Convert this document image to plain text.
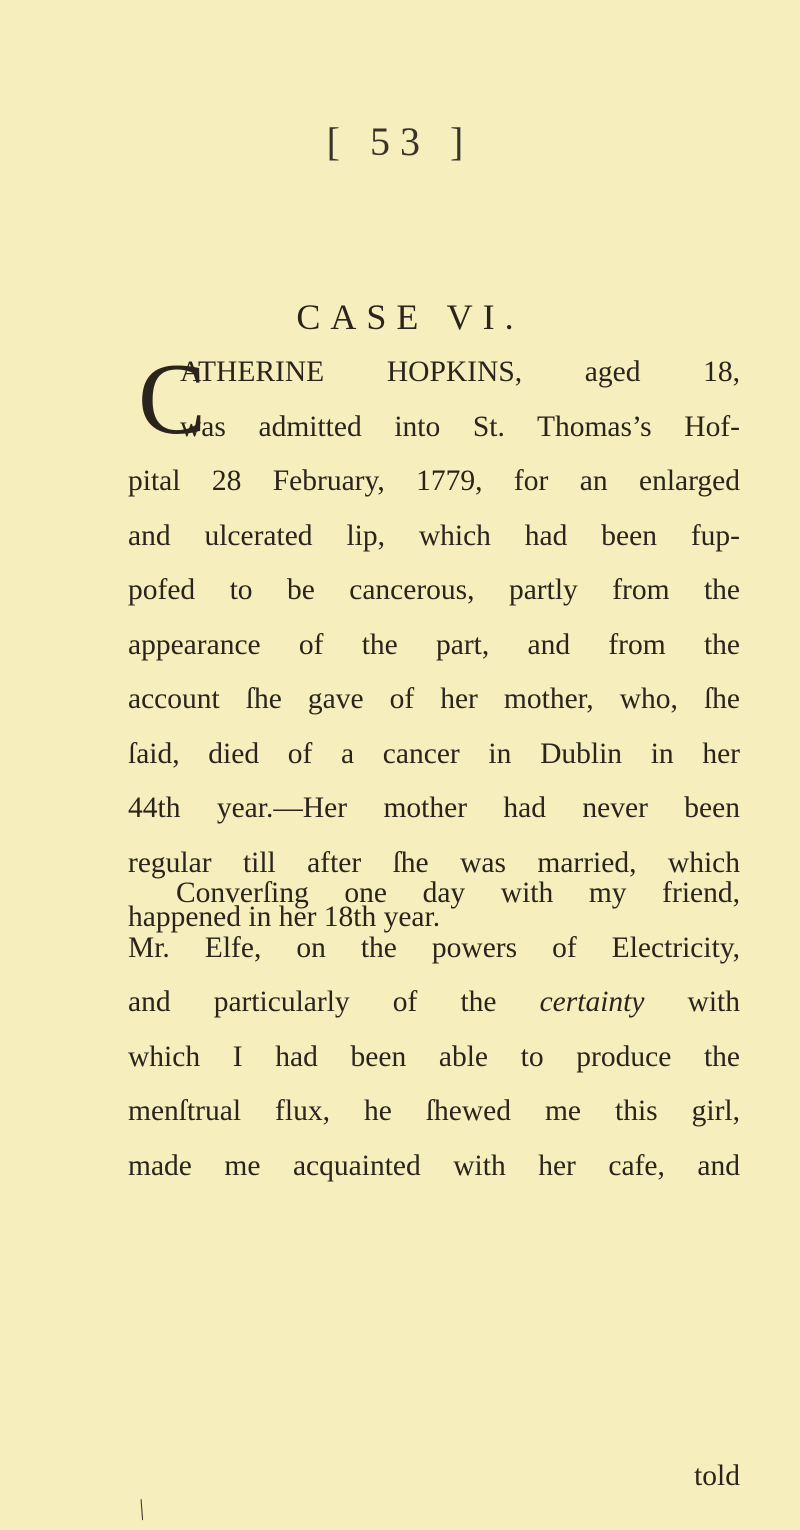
[ 53 ]
CASE VI.
C
ATHERINE HOPKINS, aged 18,
was admitted into St. Thomas’s Hof-
pital 28 February, 1779, for an enlarged
and ulcerated lip, which had been fup-
pofed to be cancerous, partly from the
appearance of the part, and from the
account ſhe gave of her mother, who, ſhe
ſaid, died of a cancer in Dublin in her
44th year.—Her mother had never been
regular till after ſhe was married, which
happened in her 18th year.
Converſing one day with my friend,
Mr. Elfe, on the powers of Electricity,
and particularly of the certainty with
which I had been able to produce the
menſtrual flux, he ſhewed me this girl,
made me acquainted with her cafe, and
told
⁄
